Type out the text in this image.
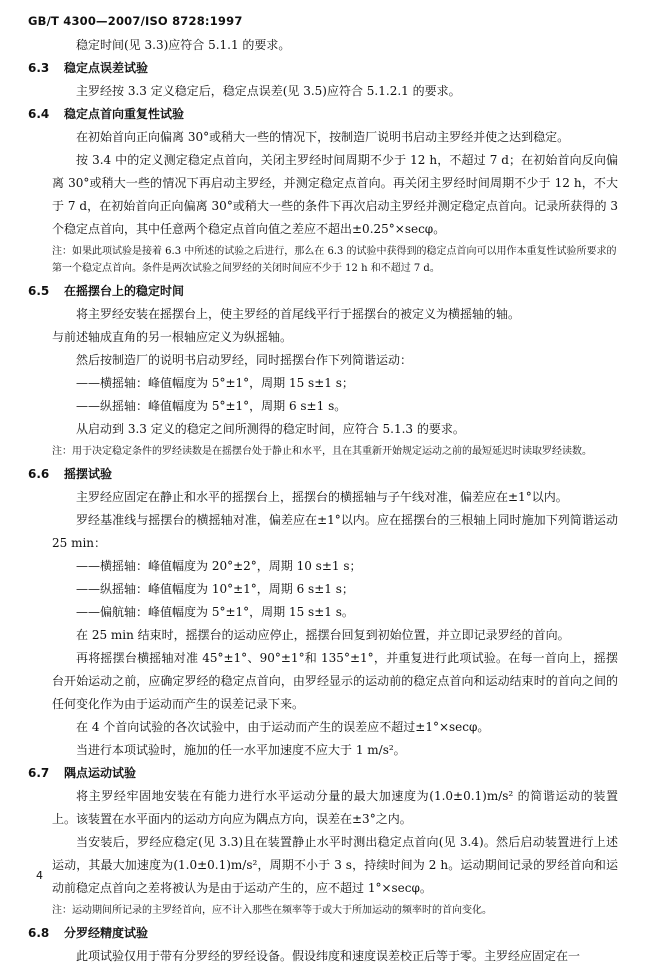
GB/T 4300—2007/ISO 8728:1997

稳定时间(见 3.3)应符合 5.1.1 的要求。

6.3 稳定点误差试验

主罗经按 3.3 定义稳定后，稳定点误差(见 3.5)应符合 5.1.2.1 的要求。

6.4 稳定点首向重复性试验

在初始首向正向偏离 30°或稍大一些的情况下，按制造厂说明书启动主罗经并使之达到稳定。

按 3.4 中的定义测定稳定点首向，关闭主罗经时间周期不少于 12 h，不超过 7 d；在初始首向反向偏离 30°或稍大一些的情况下再启动主罗经，并测定稳定点首向。再关闭主罗经时间周期不少于 12 h，不大于 7 d，在初始首向正向偏离 30°或稍大一些的条件下再次启动主罗经并测定稳定点首向。记录所获得的 3 个稳定点首向，其中任意两个稳定点首向值之差应不超出±0.25°×secφ。

注：如果此项试验是接着 6.3 中所述的试验之后进行，那么在 6.3 的试验中获得到的稳定点首向可以用作本重复性试验所要求的第一个稳定点首向。条件是两次试验之间罗经的关闭时间应不少于 12 h 和不超过 7 d。

6.5 在摇摆台上的稳定时间

将主罗经安装在摇摆台上，使主罗经的首尾线平行于摇摆台的被定义为横摇轴的轴。

与前述轴成直角的另一根轴应定义为纵摇轴。

然后按制造厂的说明书启动罗经，同时摇摆台作下列简谐运动：

——横摇轴：峰值幅度为 5°±1°，周期 15 s±1 s；

——纵摇轴：峰值幅度为 5°±1°，周期 6 s±1 s。

从启动到 3.3 定义的稳定之间所测得的稳定时间，应符合 5.1.3 的要求。

注：用于决定稳定条件的罗经读数是在摇摆台处于静止和水平，且在其重新开始规定运动之前的最短延迟时读取罗经读数。

6.6 摇摆试验

主罗经应固定在静止和水平的摇摆台上，摇摆台的横摇轴与子午线对准，偏差应在±1°以内。

罗经基准线与摇摆台的横摇轴对准，偏差应在±1°以内。应在摇摆台的三根轴上同时施加下列简谐运动 25 min：

——横摇轴：峰值幅度为 20°±2°，周期 10 s±1 s；

——纵摇轴：峰值幅度为 10°±1°，周期 6 s±1 s；

——偏航轴：峰值幅度为 5°±1°，周期 15 s±1 s。

在 25 min 结束时，摇摆台的运动应停止，摇摆台回复到初始位置，并立即记录罗经的首向。

再将摇摆台横摇轴对准 45°±1°、90°±1°和 135°±1°，并重复进行此项试验。在每一首向上，摇摆台开始运动之前，应确定罗经的稳定点首向，由罗经显示的运动前的稳定点首向和运动结束时的首向之间的任何变化作为由于运动而产生的误差记录下来。

在 4 个首向试验的各次试验中，由于运动而产生的误差应不超过±1°×secφ。

当进行本项试验时，施加的任一水平加速度不应大于 1 m/s²。

6.7 隅点运动试验

将主罗经牢固地安装在有能力进行水平运动分量的最大加速度为(1.0±0.1)m/s² 的简谐运动的装置上。该装置在水平面内的运动方向应为隅点方向，误差在±3°之内。

当安装后，罗经应稳定(见 3.3)且在装置静止水平时测出稳定点首向(见 3.4)。然后启动装置进行上述运动，其最大加速度为(1.0±0.1)m/s²，周期不小于 3 s，持续时间为 2 h。运动期间记录的罗经首向和运动前稳定点首向之差将被认为是由于运动产生的，应不超过 1°×secφ。

注：运动期间所记录的主罗经首向，应不计入那些在频率等于或大于所加运动的频率时的首向变化。

6.8 分罗经精度试验

此项试验仅用于带有分罗经的罗经设备。假设纬度和速度误差校正后等于零。主罗经应固定在一

4
